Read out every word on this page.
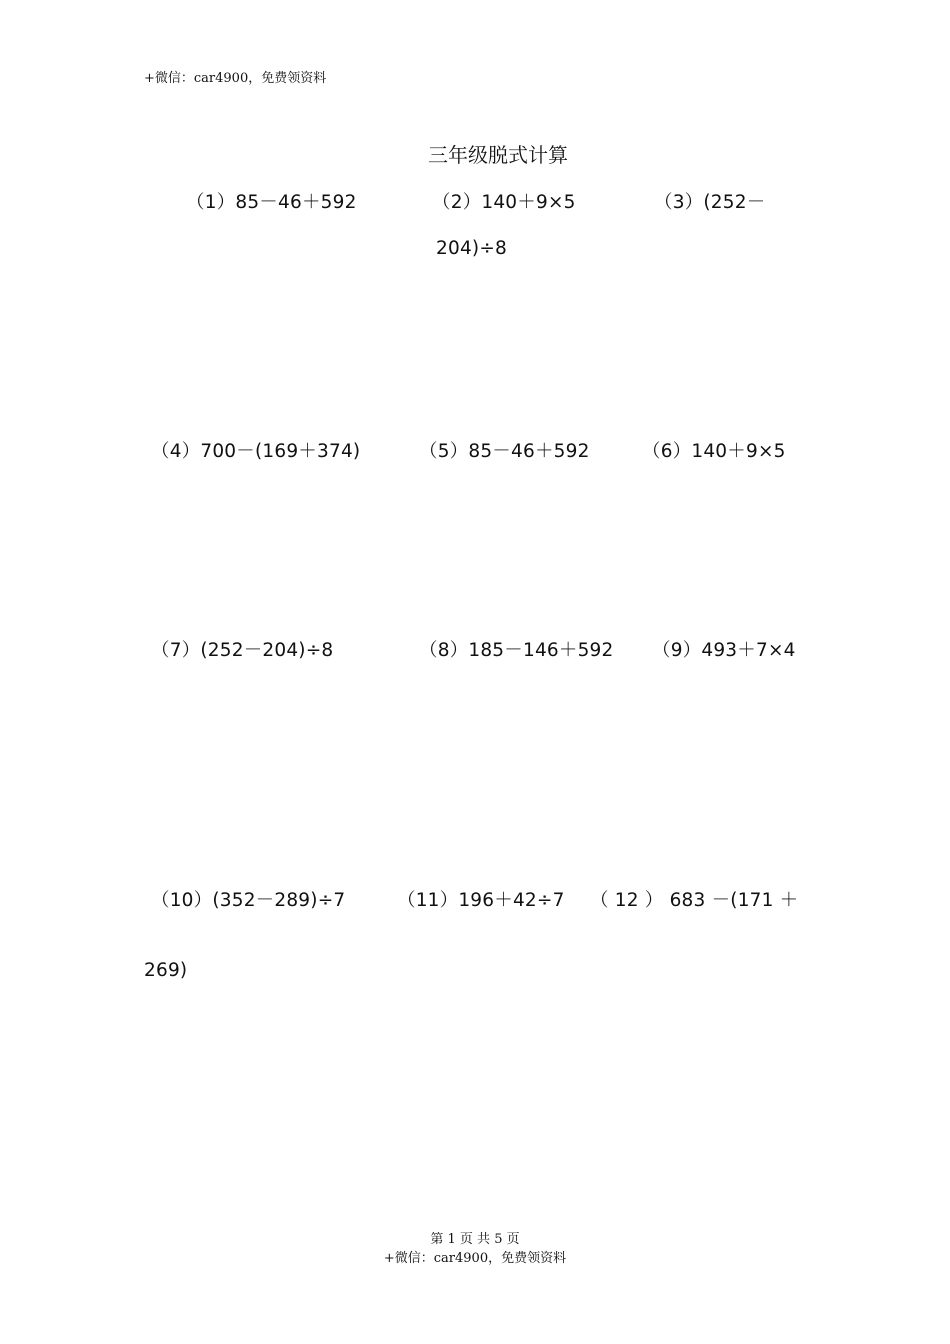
+微信：car4900，免费领资料
三年级脱式计算
（1）85－46＋592	（2）140＋9×5	（3）(252－
204)÷8
（4）700－(169＋374)	（5）85－46＋592	（6）140＋9×5
（7）(252－204)÷8	（8）185－146＋592 （9）493＋7×4
（10）(352－289)÷7	（11）196＋42÷7 （ 12 ） 683 －(171 ＋
269)
第 1 页 共 5 页
+微信：car4900，免费领资料
